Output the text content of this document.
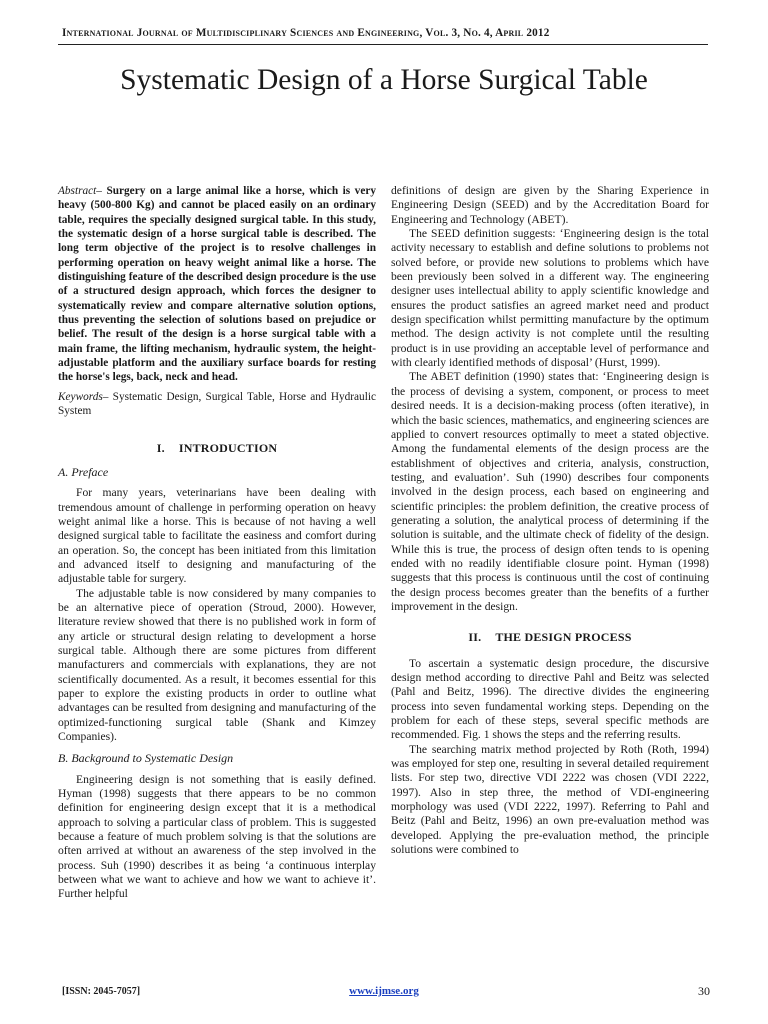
International Journal of Multidisciplinary Sciences and Engineering, Vol. 3, No. 4, April 2012
Systematic Design of a Horse Surgical Table

Abstract– Surgery on a large animal like a horse, which is very heavy (500-800 Kg) and cannot be placed easily on an ordinary table, requires the specially designed surgical table. In this study, the systematic design of a horse surgical table is described. The long term objective of the project is to resolve challenges in performing operation on heavy weight animal like a horse. The distinguishing feature of the described design procedure is the use of a structured design approach, which forces the designer to systematically review and compare alternative solution options, thus preventing the selection of solutions based on prejudice or belief. The result of the design is a horse surgical table with a main frame, the lifting mechanism, hydraulic system, the height-adjustable platform and the auxiliary surface boards for resting the horse's legs, back, neck and head.

Keywords– Systematic Design, Surgical Table, Horse and Hydraulic System

I. INTRODUCTION
A. Preface

For many years, veterinarians have been dealing with tremendous amount of challenge in performing operation on heavy weight animal like a horse. This is because of not having a well designed surgical table to facilitate the easiness and comfort during an operation. So, the concept has been initiated from this limitation and advanced itself to designing and manufacturing of the adjustable table for surgery.

The adjustable table is now considered by many companies to be an alternative piece of operation (Stroud, 2000). However, literature review showed that there is no published work in form of any article or structural design relating to development a horse surgical table. Although there are some pictures from different manufacturers and commercials with explanations, they are not scientifically documented. As a result, it becomes essential for this paper to explore the existing products in order to outline what advantages can be resulted from designing and manufacturing of the optimized-functioning surgical table (Shank and Kimzey Companies).

B. Background to Systematic Design

Engineering design is not something that is easily defined. Hyman (1998) suggests that there appears to be no common definition for engineering design except that it is a methodical approach to solving a particular class of problem. This is suggested because a feature of much problem solving is that the solutions are often arrived at without an awareness of the step involved in the process. Suh (1990) describes it as being ‘a continuous interplay between what we want to achieve and how we want to achieve it’. Further helpful

definitions of design are given by the Sharing Experience in Engineering Design (SEED) and by the Accreditation Board for Engineering and Technology (ABET).

The SEED definition suggests: ‘Engineering design is the total activity necessary to establish and define solutions to problems not solved before, or provide new solutions to problems which have been previously been solved in a different way. The engineering designer uses intellectual ability to apply scientific knowledge and ensures the product satisfies an agreed market need and product design specification whilst permitting manufacture by the optimum method. The design activity is not complete until the resulting product is in use providing an acceptable level of performance and with clearly identified methods of disposal’ (Hurst, 1999).

The ABET definition (1990) states that: ‘Engineering design is the process of devising a system, component, or process to meet desired needs. It is a decision-making process (often iterative), in which the basic sciences, mathematics, and engineering sciences are applied to convert resources optimally to meet a stated objective. Among the fundamental elements of the design process are the establishment of objectives and criteria, analysis, construction, testing, and evaluation’. Suh (1990) describes four components involved in the design process, each based on engineering and scientific principles: the problem definition, the creative process of generating a solution, the analytical process of determining if the solution is suitable, and the ultimate check of fidelity of the design. While this is true, the process of design often tends to is opening ended with no readily identifiable closure point. Hyman (1998) suggests that this process is continuous until the cost of continuing the design process becomes greater than the benefits of a further improvement in the design.

II. THE DESIGN PROCESS

To ascertain a systematic design procedure, the discursive design method according to directive Pahl and Beitz was selected (Pahl and Beitz, 1996). The directive divides the engineering process into seven fundamental working steps. Depending on the problem for each of these steps, several specific methods are recommended. Fig. 1 shows the steps and the referring results.

The searching matrix method projected by Roth (Roth, 1994) was employed for step one, resulting in several detailed requirement lists. For step two, directive VDI 2222 was chosen (VDI 2222, 1997). Also in step three, the method of VDI-engineering morphology was used (VDI 2222, 1997). Referring to Pahl and Beitz (Pahl and Beitz, 1996) an own pre-evaluation method was developed. Applying the pre-evaluation method, the principle solutions were combined to

[ISSN: 2045-7057]	www.ijmse.org	30
